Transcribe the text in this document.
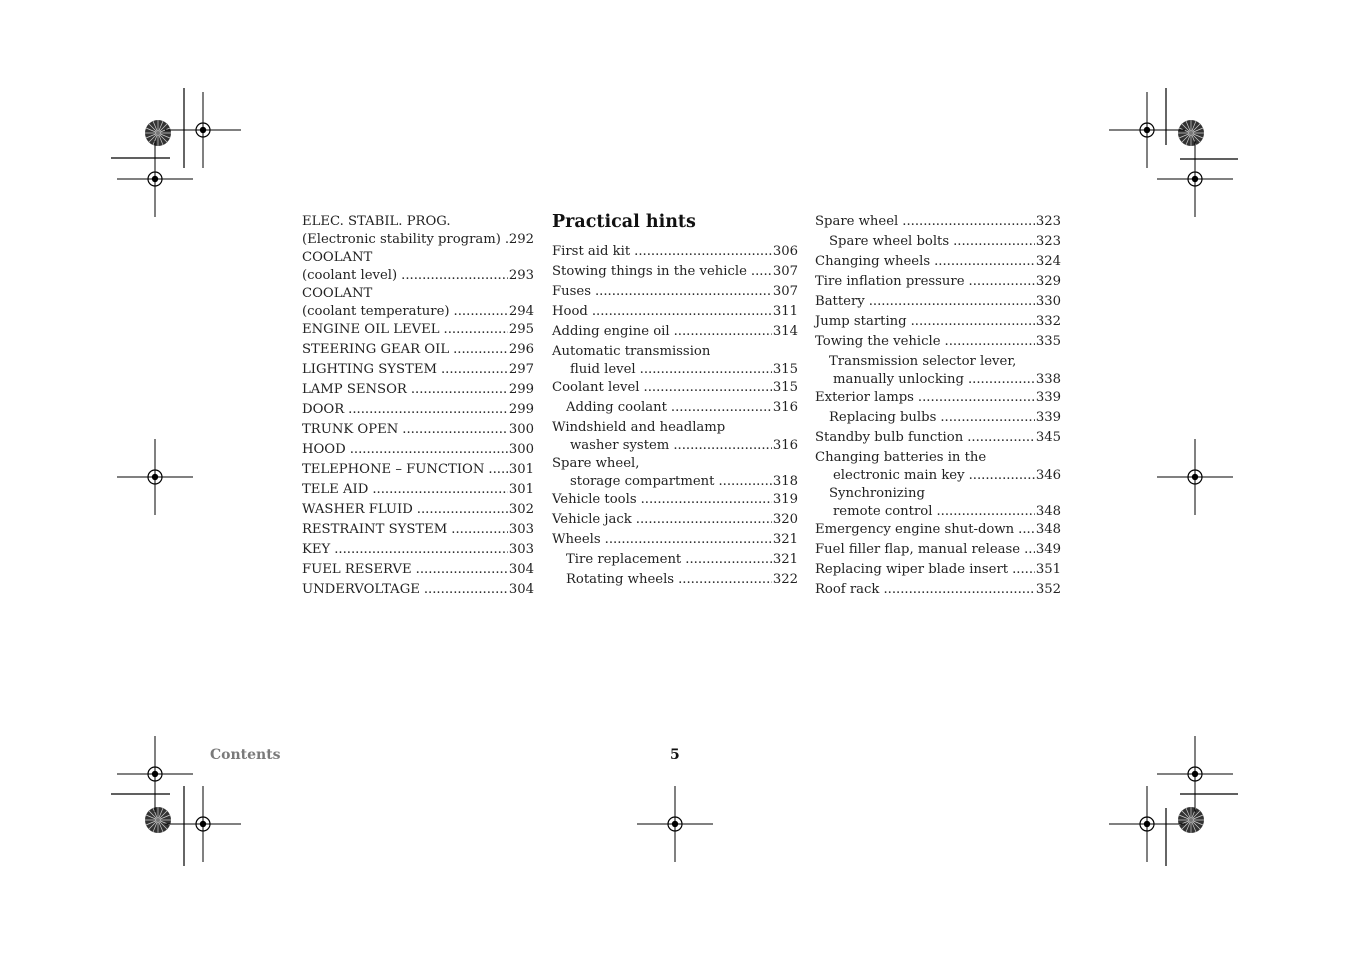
ELEC. STABIL. PROG.
(Electronic stability program) ..... 292
COOLANT
(coolant level) .....	293
COOLANT
(coolant temperature) .....	294
ENGINE OIL LEVEL .....	295
STEERING GEAR OIL .....	296
LIGHTING SYSTEM .....	297
LAMP SENSOR .....	299
DOOR .....	299
TRUNK OPEN .....	300
HOOD .....	300
TELEPHONE – FUNCTION ..... 301
TELE AID .....	301
WASHER FLUID .....	302
RESTRAINT SYSTEM .....	303
KEY .....	303
FUEL RESERVE .....	304
UNDERVOLTAGE .....	304
Practical hints
First aid kit .....	306
Stowing things in the vehicle ..... 307
Fuses .....	307
Hood .....	311
Adding engine oil .....	314
Automatic transmission
fluid level .....	315
Coolant level .....	315
Adding coolant .....	316
Windshield and headlamp
washer system .....	316
Spare wheel,
storage compartment .....	318
Vehicle tools .....	319
Vehicle jack .....	320
Wheels .....	321
Tire replacement .....	321
Rotating wheels .....	322
Spare wheel .....	323
Spare wheel bolts .....	323
Changing wheels .....	324
Tire inflation pressure .....	329
Battery .....	330
Jump starting .....	332
Towing the vehicle .....	335
Transmission selector lever,
manually unlocking .....	338
Exterior lamps .....	339
Replacing bulbs .....	339
Standby bulb function .....	345
Changing batteries in the
electronic main key .....	346
Synchronizing
remote control .....	348
Emergency engine shut-down ..... 348
Fuel filler flap, manual release ..... 349
Replacing wiper blade insert ..... 351
Roof rack .....	352
Contents	5
